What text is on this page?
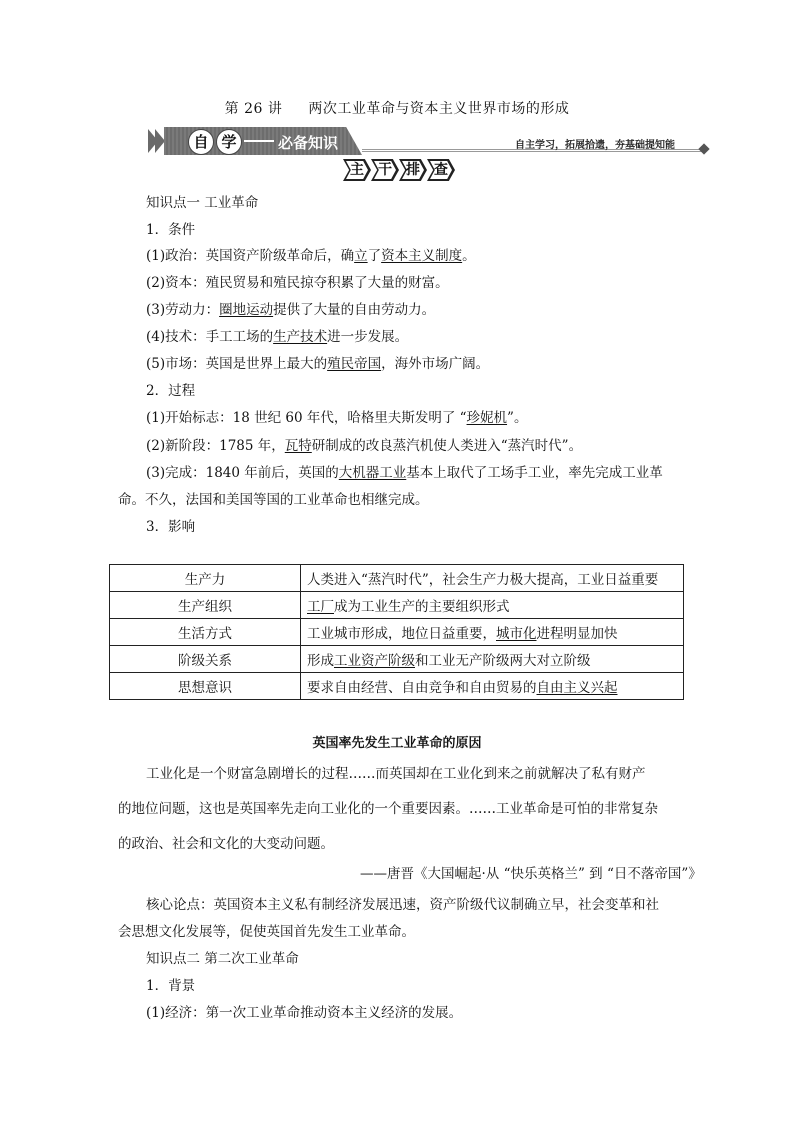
第 26 讲 两次工业革命与资本主义世界市场的形成
自 学	必备知识	自主学习，拓展拾遗，夯基础提知能
主	干	排	查
知识点一 工业革命
1．条件
(1)政治：英国资产阶级革命后，确立了资本主义制度。
(2)资本：殖民贸易和殖民掠夺积累了大量的财富。
(3)劳动力：圈地运动提供了大量的自由劳动力。
(4)技术：手工工场的生产技术进一步发展。
(5)市场：英国是世界上最大的殖民帝国，海外市场广阔。
2．过程
(1)开始标志：18 世纪 60 年代，哈格里夫斯发明了 “珍妮机”。
(2)新阶段：1785 年，瓦特研制成的改良蒸汽机使人类进入“蒸汽时代”。
(3)完成：1840 年前后，英国的大机器工业基本上取代了工场手工业，率先完成工业革
命。不久，法国和美国等国的工业革命也相继完成。
3．影响
生产力	人类进入“蒸汽时代”，社会生产力极大提高，工业日益重要
生产组织	工厂成为工业生产的主要组织形式
生活方式	工业城市形成，地位日益重要，城市化进程明显加快
阶级关系	形成工业资产阶级和工业无产阶级两大对立阶级
思想意识	要求自由经营、自由竞争和自由贸易的自由主义兴起
英国率先发生工业革命的原因
工业化是一个财富急剧增长的过程……而英国却在工业化到来之前就解决了私有财产
的地位问题，这也是英国率先走向工业化的一个重要因素。……工业革命是可怕的非常复杂
的政治、社会和文化的大变动问题。
——唐晋《大国崛起·从 “快乐英格兰” 到 “日不落帝国”》
核心论点：英国资本主义私有制经济发展迅速，资产阶级代议制确立早，社会变革和社
会思想文化发展等，促使英国首先发生工业革命。
知识点二 第二次工业革命
1．背景
(1)经济：第一次工业革命推动资本主义经济的发展。
